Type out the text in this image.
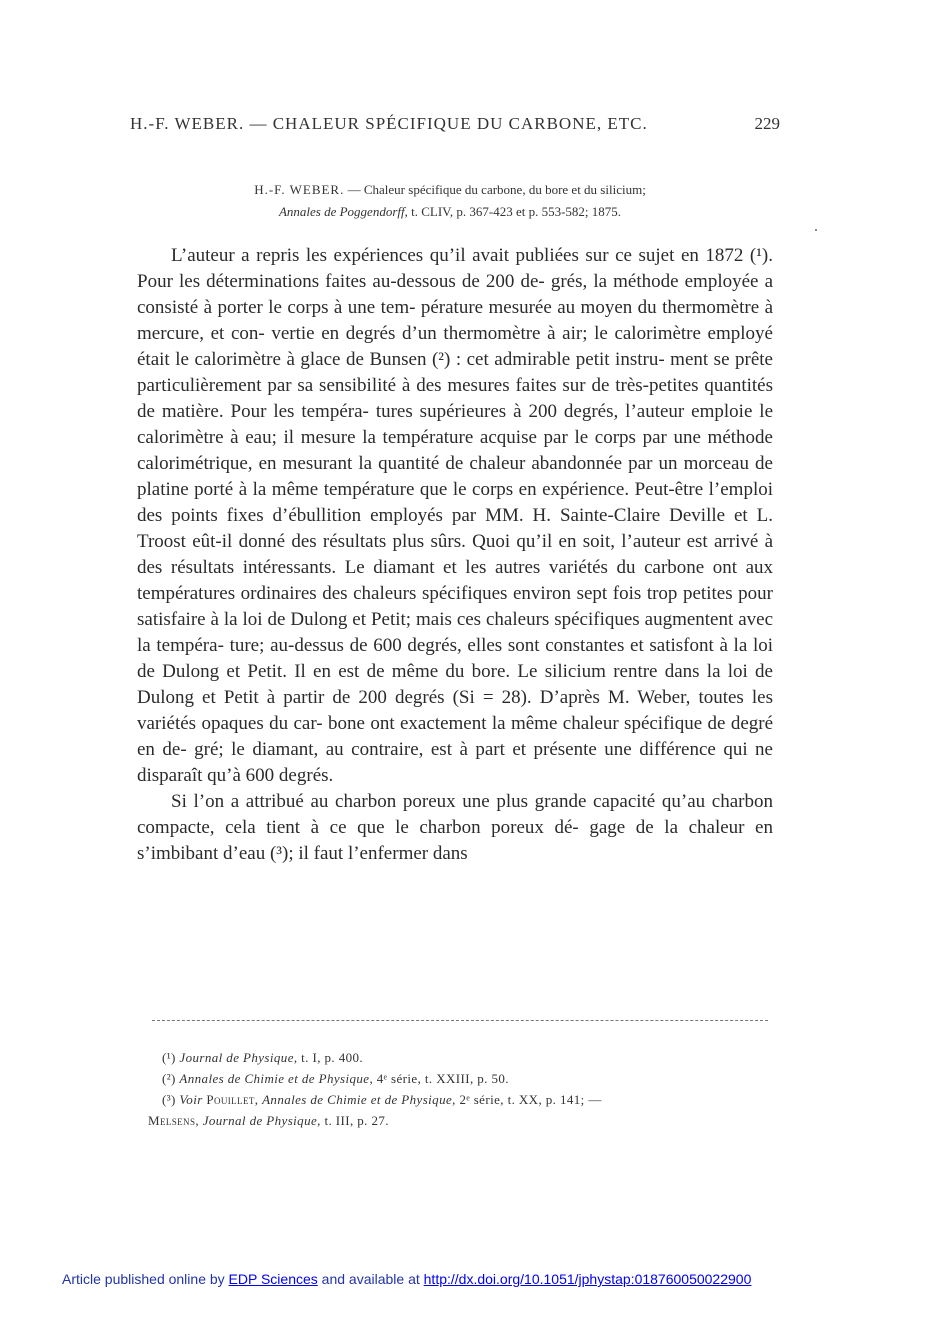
H.-F. WEBER. — CHALEUR SPÉCIFIQUE DU CARBONE, ETC.	229
H.-F. WEBER. — Chaleur spécifique du carbone, du bore et du silicium;
Annales de Poggendorff, t. CLIV, p. 367-423 et p. 553-582; 1875.

L’auteur a repris les expériences qu’il avait publiées sur ce sujet en 1872 (¹). Pour les déterminations faites au-dessous de 200 de- grés, la méthode employée a consisté à porter le corps à une tem- pérature mesurée au moyen du thermomètre à mercure, et con- vertie en degrés d’un thermomètre à air; le calorimètre employé était le calorimètre à glace de Bunsen (²) : cet admirable petit instru- ment se prête particulièrement par sa sensibilité à des mesures faites sur de très-petites quantités de matière. Pour les tempéra- tures supérieures à 200 degrés, l’auteur emploie le calorimètre à eau; il mesure la température acquise par le corps par une méthode calorimétrique, en mesurant la quantité de chaleur abandonnée par un morceau de platine porté à la même température que le corps en expérience. Peut-être l’emploi des points fixes d’ébullition employés par MM. H. Sainte-Claire Deville et L. Troost eût-il donné des résultats plus sûrs. Quoi qu’il en soit, l’auteur est arrivé à des résultats intéressants. Le diamant et les autres variétés du carbone ont aux températures ordinaires des chaleurs spécifiques environ sept fois trop petites pour satisfaire à la loi de Dulong et Petit; mais ces chaleurs spécifiques augmentent avec la tempéra- ture; au-dessus de 600 degrés, elles sont constantes et satisfont à la loi de Dulong et Petit. Il en est de même du bore. Le silicium rentre dans la loi de Dulong et Petit à partir de 200 degrés (Si = 28). D’après M. Weber, toutes les variétés opaques du car- bone ont exactement la même chaleur spécifique de degré en de- gré; le diamant, au contraire, est à part et présente une différence qui ne disparaît qu’à 600 degrés.

Si l’on a attribué au charbon poreux une plus grande capacité qu’au charbon compacte, cela tient à ce que le charbon poreux dé- gage de la chaleur en s’imbibant d’eau (³); il faut l’enfermer dans

(¹) Journal de Physique, t. I, p. 400.

(²) Annales de Chimie et de Physique, 4ᵉ série, t. XXIII, p. 50.

(³) Voir Pouillet, Annales de Chimie et de Physique, 2ᵉ série, t. XX, p. 141; —

Melsens, Journal de Physique, t. III, p. 27.

Article published online by EDP Sciences and available at http://dx.doi.org/10.1051/jphystap:018760050022900
